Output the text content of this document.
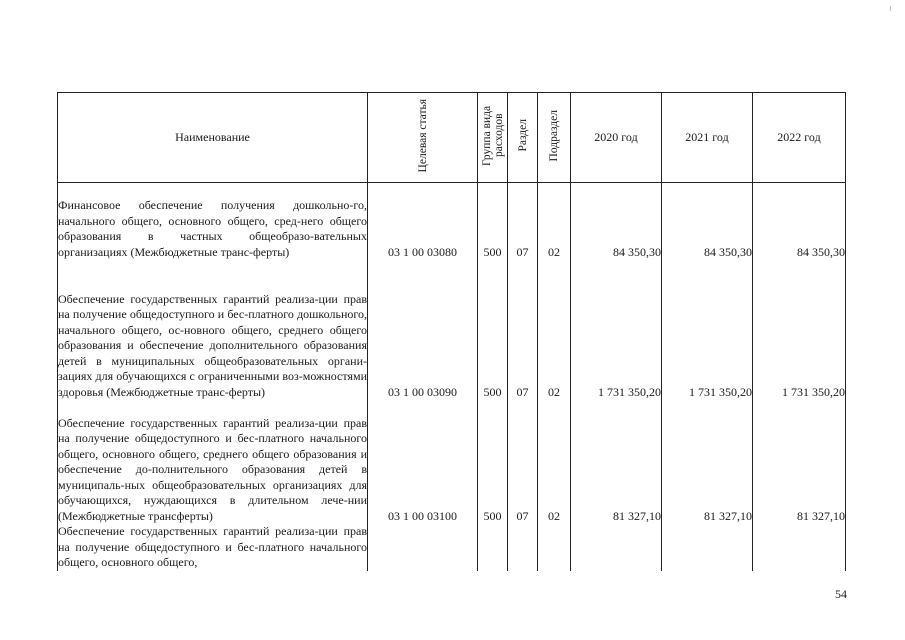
Наименование	Целевая статья	Группа вида расходов	Раздел	Подраздел	2020 год	2021 год	2022 год
Финансовое обеспечение получения дошкольно-го, начального общего, основного общего, сред-него общего образования в частных общеобразо-вательных организациях (Межбюджетные транс-ферты)	03 1 00 03080	500	07	02	84 350,30	84 350,30	84 350,30
Обеспечение государственных гарантий реализа-ции прав на получение общедоступного и бес-платного дошкольного, начального общего, ос-новного общего, среднего общего образования и обеспечение дополнительного образования детей в муниципальных общеобразовательных органи-зациях для обучающихся с ограниченными воз-можностями здоровья (Межбюджетные транс-ферты)	03 1 00 03090	500	07	02	1 731 350,20	1 731 350,20	1 731 350,20
Обеспечение государственных гарантий реализа-ции прав на получение общедоступного и бес-платного начального общего, основного общего, среднего общего образования и обеспечение до-полнительного образования детей в муниципаль-ных общеобразовательных организациях для обучающихся, нуждающихся в длительном лече-нии (Межбюджетные трансферты)	03 1 00 03100	500	07	02	81 327,10	81 327,10	81 327,10
Обеспечение государственных гарантий реализа-ции прав на получение общедоступного и бес-платного начального общего, основного общего,							
54
